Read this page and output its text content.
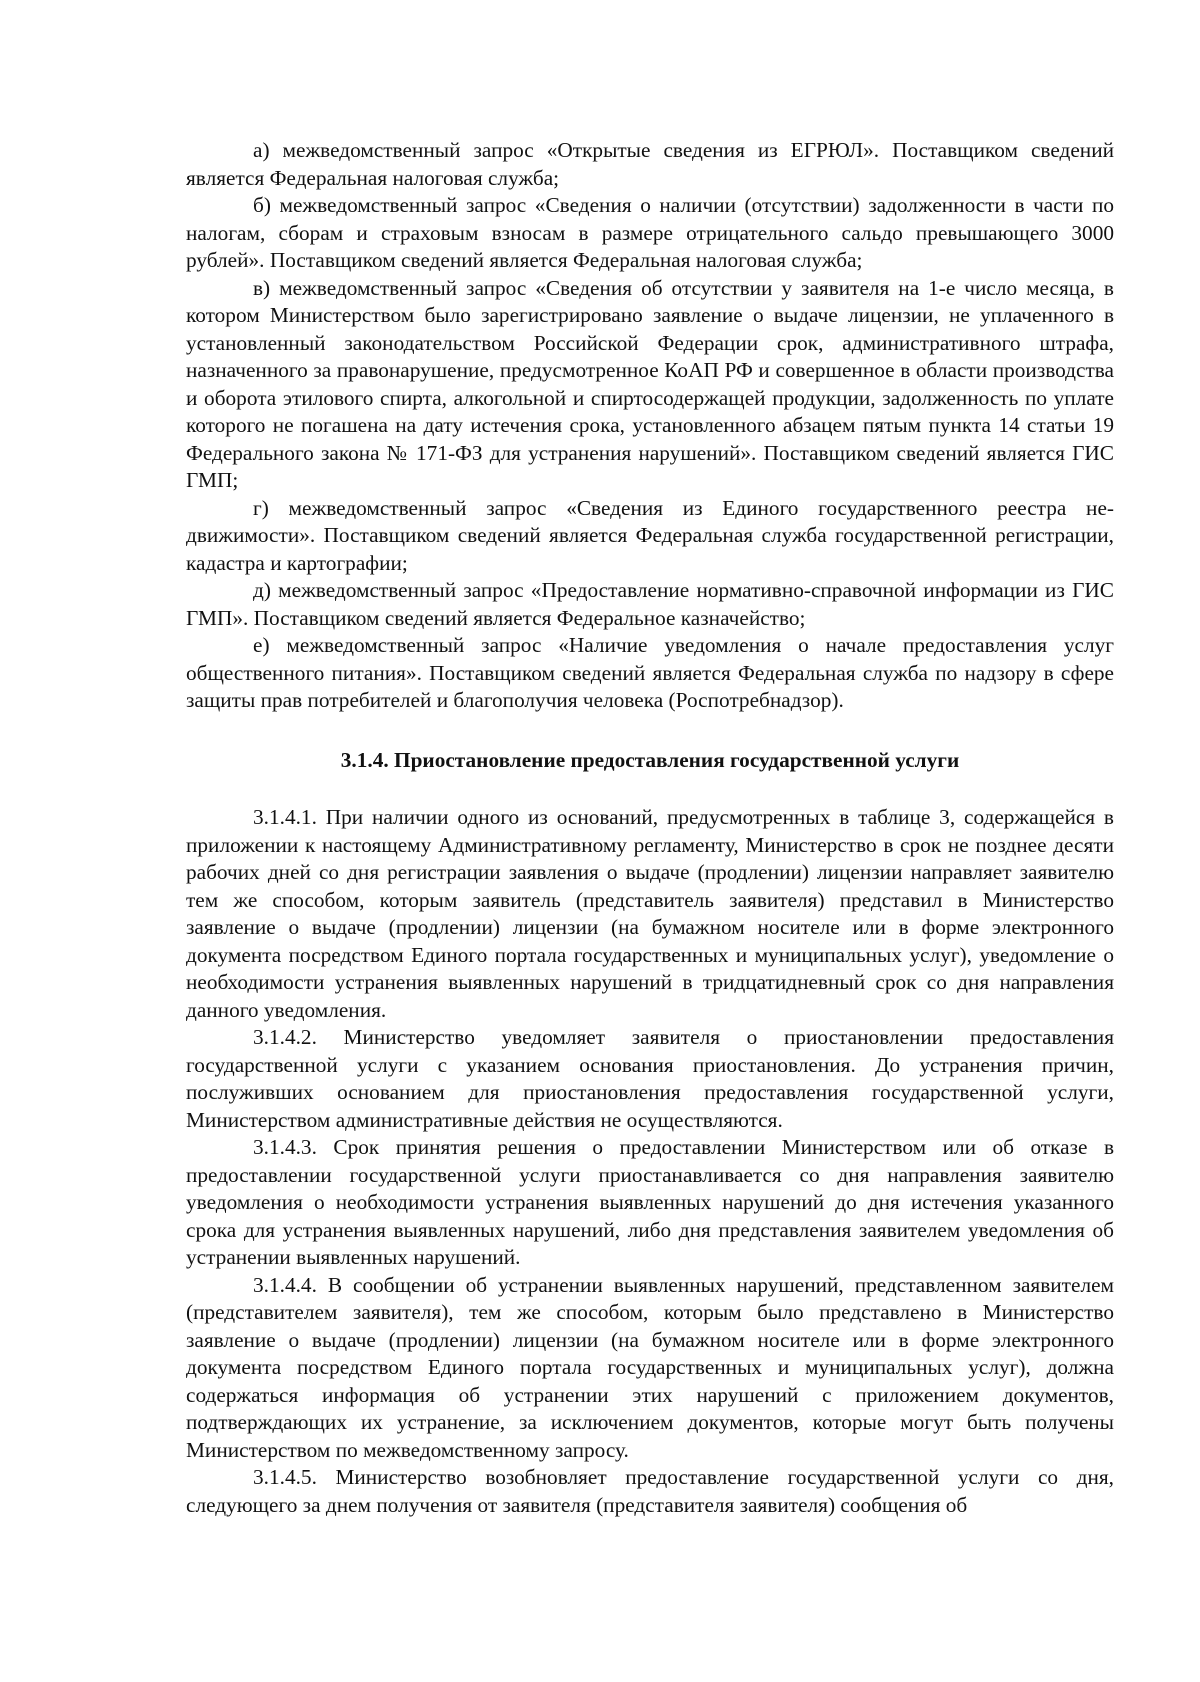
а) межведомственный запрос «Открытые сведения из ЕГРЮЛ». Поставщиком сведений является Федеральная налоговая служба;

б) межведомственный запрос «Сведения о наличии (отсутствии) задолженности в части по налогам, сборам и страховым взносам в размере отрицательного сальдо превышающего 3000 рублей». Поставщиком сведений является Федеральная налоговая служба;

в) межведомственный запрос «Сведения об отсутствии у заявителя на 1-е число месяца, в котором Министерством было зарегистрировано заявление о выдаче лицензии, не уплаченного в установленный законодательством Российской Федерации срок, административного штрафа, назначенного за правонарушение, предусмотренное КоАП РФ и совершенное в области производства и оборота этилового спирта, алкогольной и спиртосодержащей продукции, задолженность по уплате которого не погашена на дату истечения срока, установленного абзацем пятым пункта 14 статьи 19 Федерального закона № 171-ФЗ для устранения нарушений». Поставщиком сведений является ГИС ГМП;

г) межведомственный запрос «Сведения из Единого государственного реестра недвижимости». Поставщиком сведений является Федеральная служба государственной регистрации, кадастра и картографии;

д) межведомственный запрос «Предоставление нормативно-справочной информации из ГИС ГМП». Поставщиком сведений является Федеральное казначейство;

е) межведомственный запрос «Наличие уведомления о начале предоставления услуг общественного питания». Поставщиком сведений является Федеральная служба по надзору в сфере защиты прав потребителей и благополучия человека (Роспотребнадзор).

3.1.4. Приостановление предоставления государственной услуги

3.1.4.1. При наличии одного из оснований, предусмотренных в таблице 3, содержащейся в приложении к настоящему Административному регламенту, Министерство в срок не позднее десяти рабочих дней со дня регистрации заявления о выдаче (продлении) лицензии направляет заявителю тем же способом, которым заявитель (представитель заявителя) представил в Министерство заявление о выдаче (продлении) лицензии (на бумажном носителе или в форме электронного документа посредством Единого портала государственных и муниципальных услуг), уведомление о необходимости устранения выявленных нарушений в тридцатидневный срок со дня направления данного уведомления.

3.1.4.2. Министерство уведомляет заявителя о приостановлении предоставления государственной услуги с указанием основания приостановления. До устранения причин, послуживших основанием для приостановления предоставления государственной услуги, Министерством административные действия не осуществляются.

3.1.4.3. Срок принятия решения о предоставлении Министерством или об отказе в предоставлении государственной услуги приостанавливается со дня направления заявителю уведомления о необходимости устранения выявленных нарушений до дня истечения указанного срока для устранения выявленных нарушений, либо дня представления заявителем уведомления об устранении выявленных нарушений.

3.1.4.4. В сообщении об устранении выявленных нарушений, представленном заявителем (представителем заявителя), тем же способом, которым было представлено в Министерство заявление о выдаче (продлении) лицензии (на бумажном носителе или в форме электронного документа посредством Единого портала государственных и муниципальных услуг), должна содержаться информация об устранении этих нарушений с приложением документов, подтверждающих их устранение, за исключением документов, которые могут быть получены Министерством по межведомственному запросу.

3.1.4.5. Министерство возобновляет предоставление государственной услуги со дня, следующего за днем получения от заявителя (представителя заявителя) сообщения об
